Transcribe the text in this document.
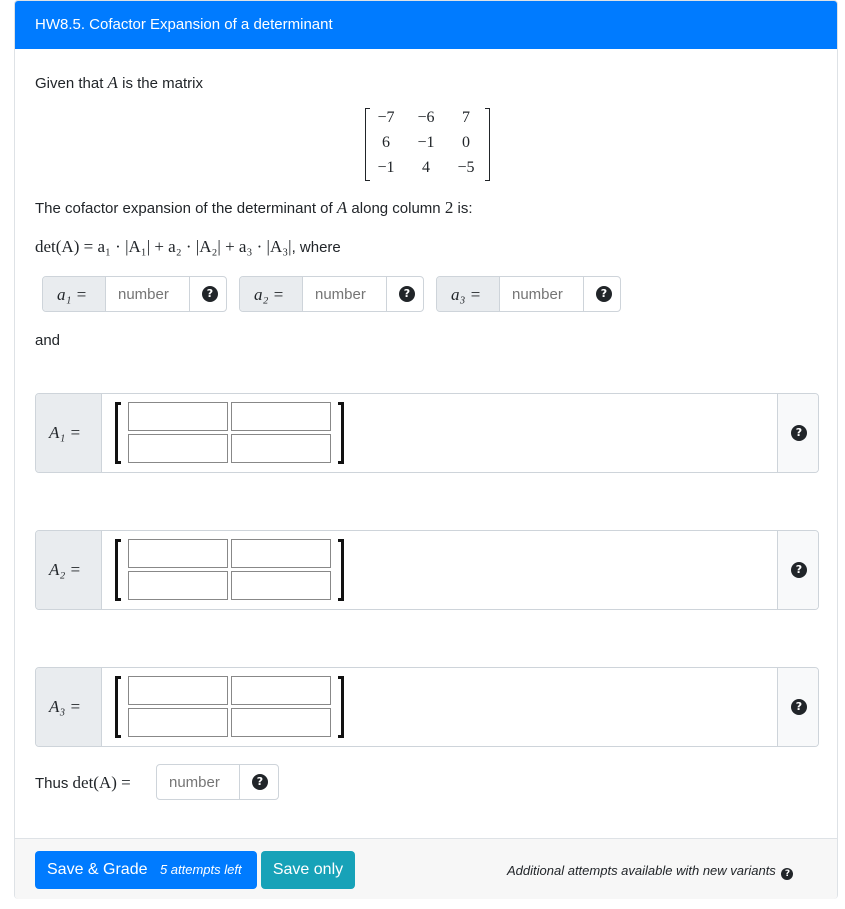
HW8.5. Cofactor Expansion of a determinant
Given that A is the matrix
−7	−6	7
6	−1	0
−1	4	−5
The cofactor expansion of the determinant of A along column 2 is:
det(A) = a₁ · |A₁| + a₂ · |A₂| + a₃ · |A₃|, where
a₁ =
number	? a₂ =
number	? a₃ =
number	?
and
A₁ =	?
A₂ =	?
A₃ =	?
Thus det(A) =
number	?
Save & Grade 5 attempts left	Save only	Additional attempts available with new variants ?
